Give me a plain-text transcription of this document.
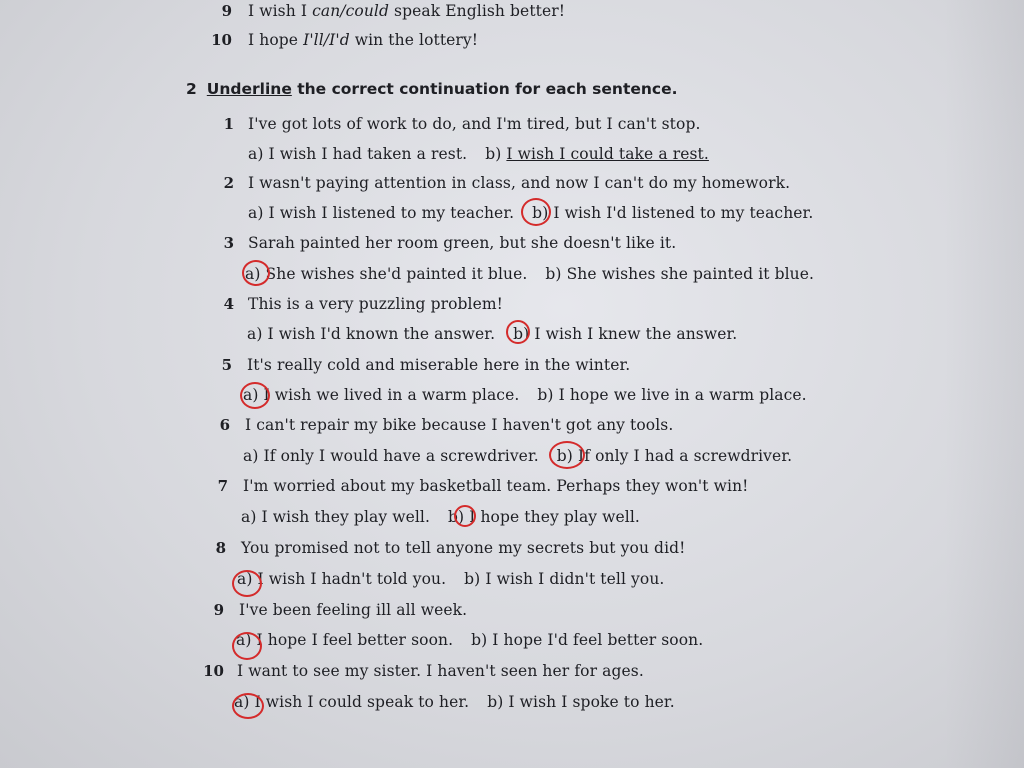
9 I wish I can/could speak English better!
10 I hope I'll/I'd win the lottery!
2 Underline the correct continuation for each sentence.
1 I've got lots of work to do, and I'm tired, but I can't stop.
a) I wish I had taken a rest. b) I wish I could take a rest.
2 I wasn't paying attention in class, and now I can't do my homework.
a) I wish I listened to my teacher. b) I wish I'd listened to my teacher.
3 Sarah painted her room green, but she doesn't like it.
a) She wishes she'd painted it blue. b) She wishes she painted it blue.
4 This is a very puzzling problem!
a) I wish I'd known the answer. b) I wish I knew the answer.
5 It's really cold and miserable here in the winter.
a) I wish we lived in a warm place. b) I hope we live in a warm place.
6 I can't repair my bike because I haven't got any tools.
a) If only I would have a screwdriver. b) If only I had a screwdriver.
7 I'm worried about my basketball team. Perhaps they won't win!
a) I wish they play well. b) I hope they play well.
8 You promised not to tell anyone my secrets but you did!
a) I wish I hadn't told you. b) I wish I didn't tell you.
9 I've been feeling ill all week.
a) I hope I feel better soon. b) I hope I'd feel better soon.
10 I want to see my sister. I haven't seen her for ages.
a) I wish I could speak to her. b) I wish I spoke to her.
